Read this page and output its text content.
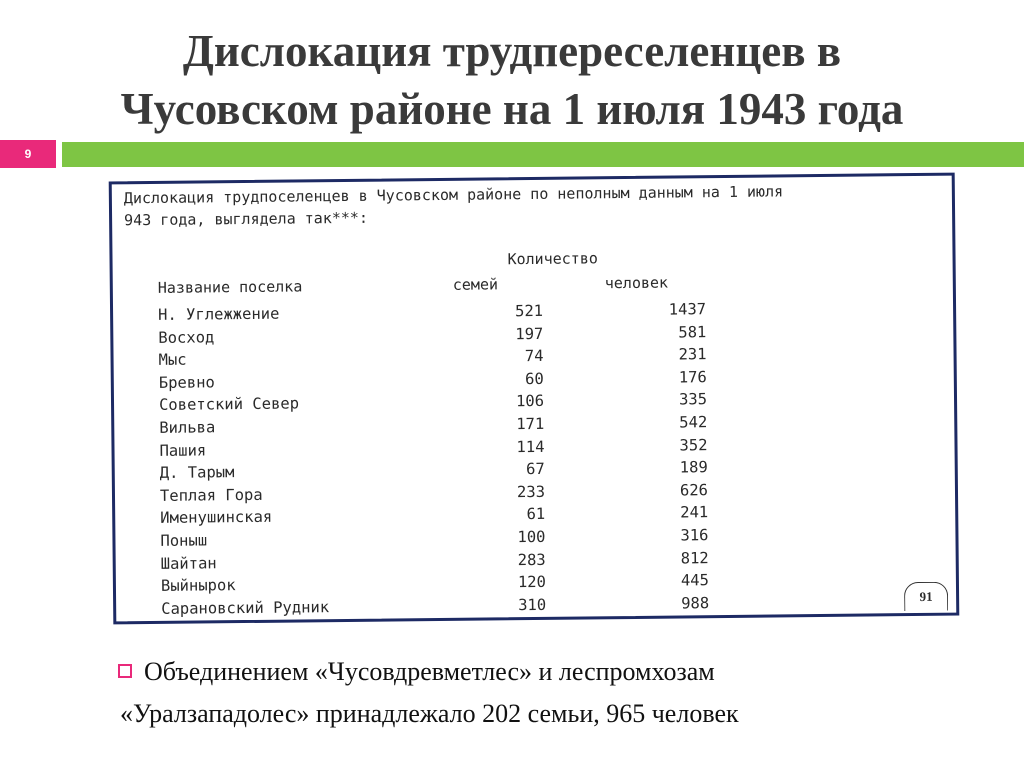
Дислокация трудпереселенцев в
Чусовском районе на 1 июля 1943 года
9
Дислокация трудпоселенцев в Чусовском районе по неполным данным на 1 июля
943 года, выглядела так***:
Количество
Название поселка	семей	человек
Н. Углежжение	521	1437
Восход	197	581
Мыс	74	231
Бревно	60	176
Советский Север	106	335
Вильва	171	542
Пашия	114	352
Д. Тарым	67	189
Теплая Гора	233	626
Именушинская	61	241
Поныш	100	316
Шайтан	283	812
Выйнырок	120	445
Сарановский Рудник	310	988	91
Объединением «Чусовдревметлес» и леспромхозам
«Уралзападолес» принадлежало 202 семьи, 965 человек
